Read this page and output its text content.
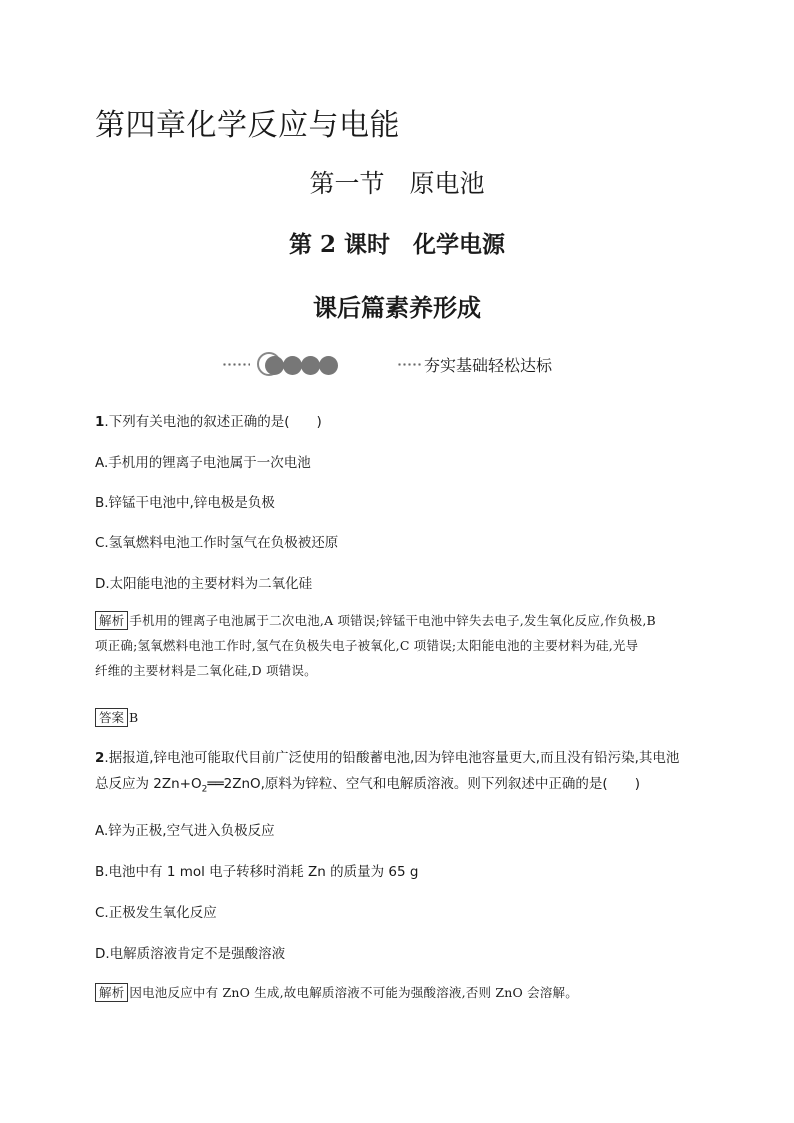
第四章化学反应与电能
第一节　原电池
第 2 课时　化学电源
课后篇素养形成
夯实基础轻松达标
1.下列有关电池的叙述正确的是(　　)
A.手机用的锂离子电池属于一次电池
B.锌锰干电池中,锌电极是负极
C.氢氧燃料电池工作时氢气在负极被还原
D.太阳能电池的主要材料为二氧化硅
解析 手机用的锂离子电池属于二次电池,A 项错误;锌锰干电池中锌失去电子,发生氧化反应,作负极,B
项正确;氢氧燃料电池工作时,氢气在负极失电子被氧化,C 项错误;太阳能电池的主要材料为硅,光导
纤维的主要材料是二氧化硅,D 项错误。
答案 B
2.据报道,锌电池可能取代目前广泛使用的铅酸蓄电池,因为锌电池容量更大,而且没有铅污染,其电池
总反应为 $2Zn+O_2══2ZnO$,原料为锌粒、空气和电解质溶液。则下列叙述中正确的是(　　)
A.锌为正极,空气进入负极反应
B.电池中有 1 mol 电子转移时消耗 Zn 的质量为 65 g
C.正极发生氧化反应
D.电解质溶液肯定不是强酸溶液
解析 因电池反应中有 ZnO 生成,故电解质溶液不可能为强酸溶液,否则 ZnO 会溶解。
